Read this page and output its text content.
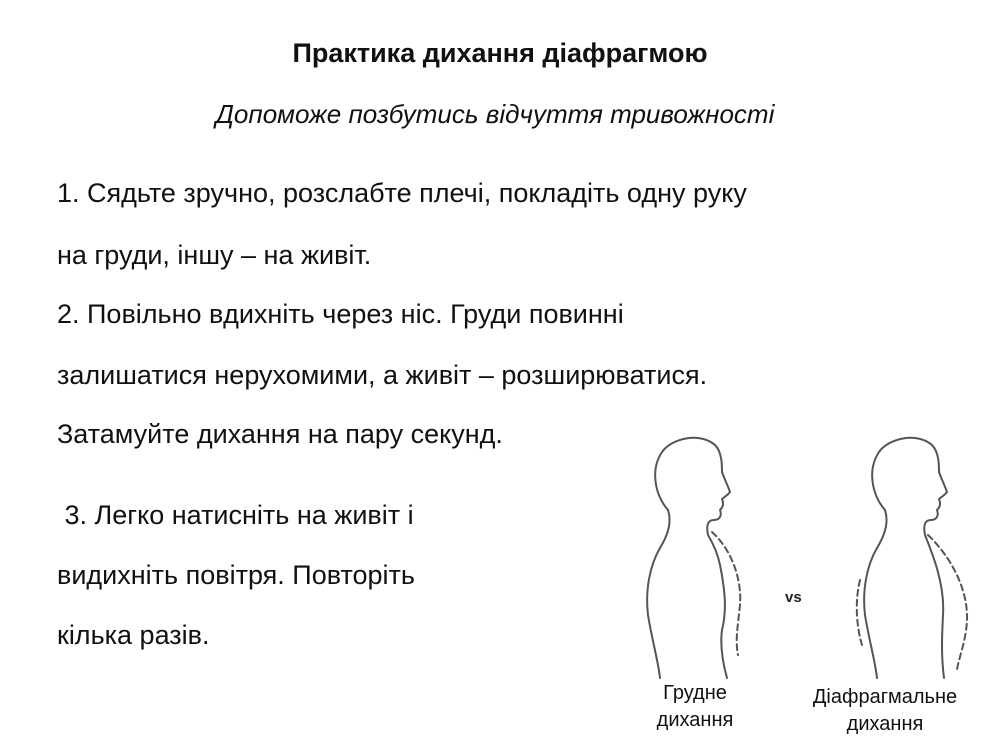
Практика дихання діафрагмою
Допоможе позбутись відчуття тривожності
1. Сядьте зручно, розслабте плечі, покладіть одну руку
на груди, іншу – на живіт.
2. Повільно вдихніть через ніс. Груди повинні
залишатися нерухомими, а живіт – розширюватися.
Затамуйте дихання на пару секунд.
3. Легко натисніть на живіт і
видихніть повітря. Повторіть
кілька разів.
vs
Грудне
дихання
Діафрагмальне
дихання
